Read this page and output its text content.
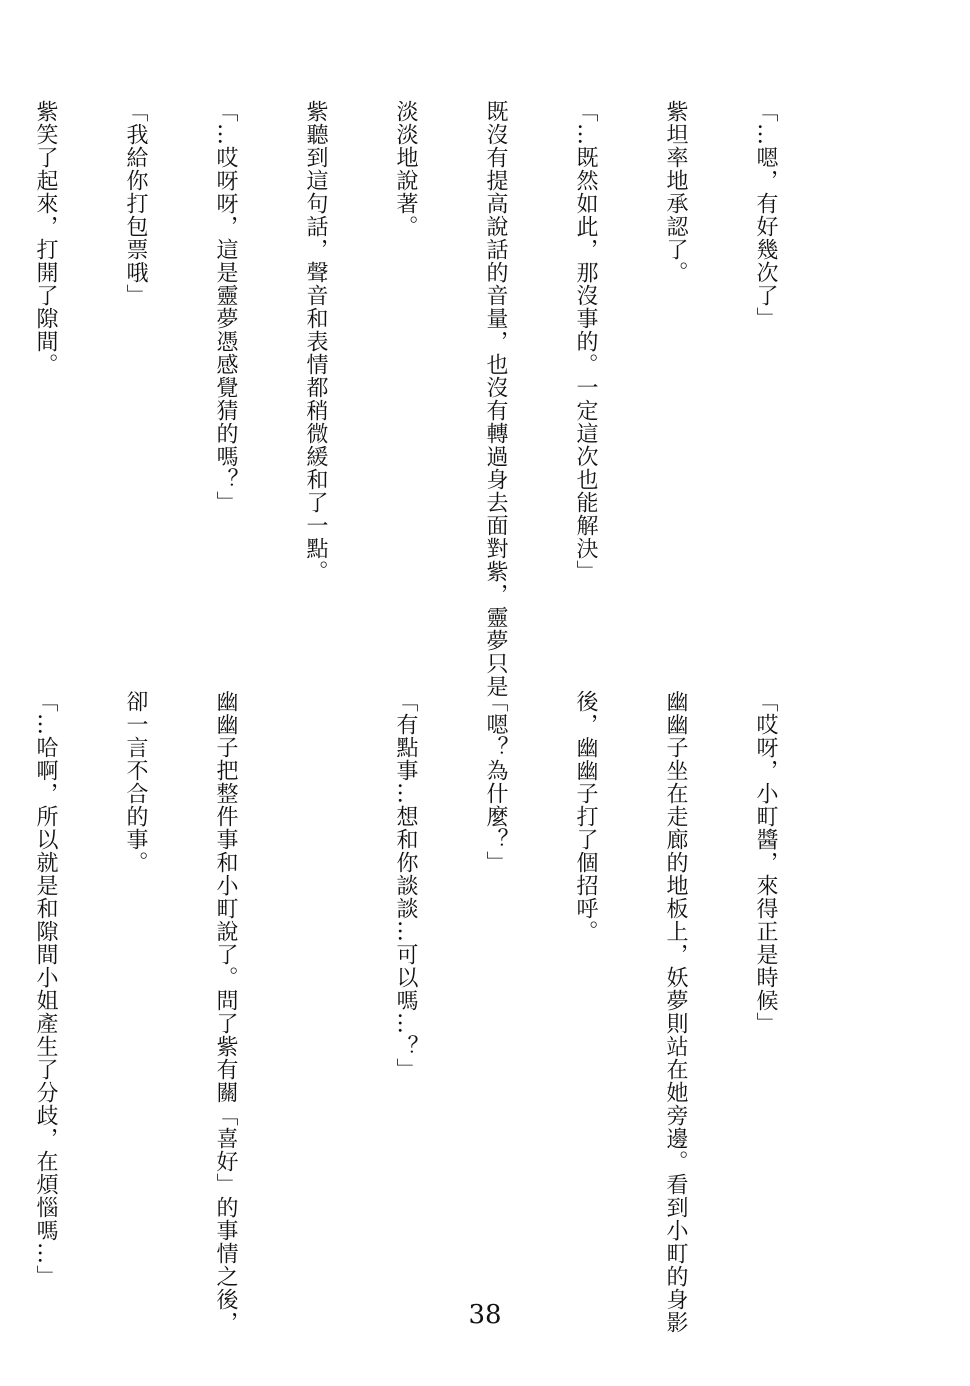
「…嗯，有好幾次了」

紫坦率地承認了。

「…既然如此，那沒事的。一定這次也能解決」

既沒有提高說話的音量，也沒有轉過身去面對紫，靈夢只是

淡淡地說著。

紫聽到這句話，聲音和表情都稍微緩和了一點。

「…哎呀呀，這是靈夢憑感覺猜的嗎？」

「我給你打包票哦」

紫笑了起來，打開了隙間。

「哎呀，小町醬，來得正是時候」

幽幽子坐在走廊的地板上，妖夢則站在她旁邊。看到小町的身影

後，幽幽子打了個招呼。

「嗯？為什麼？」

「有點事…想和你談談…可以嗎…？」

幽幽子把整件事和小町說了。問了紫有關「喜好」的事情之後，

卻一言不合的事。

「…哈啊，所以就是和隙間小姐產生了分歧，在煩惱嗎…」

38
